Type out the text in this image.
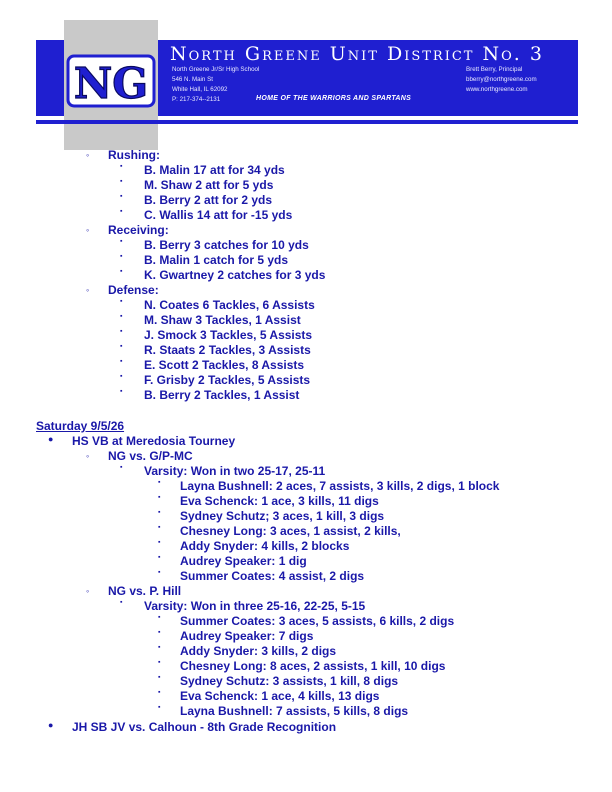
NG
North Greene Unit District No. 3
North Greene Jr/Sr High School
546 N. Main St
White Hall, IL 62092
P: 217-374--2131
Brett Berry, Principal
bberry@northgreene.com
www.northgreene.com
HOME OF THE WARRIORS AND SPARTANS
◦ Rushing:
▪ B. Malin 17 att for 34 yds
▪ M. Shaw 2 att for 5 yds
▪ B. Berry 2 att for 2 yds
▪ C. Wallis 14 att for -15 yds
◦ Receiving:
▪ B. Berry 3 catches for 10 yds
▪ B. Malin 1 catch for 5 yds
▪ K. Gwartney 2 catches for 3 yds
◦ Defense:
▪ N. Coates 6 Tackles, 6 Assists
▪ M. Shaw 3 Tackles, 1 Assist
▪ J. Smock 3 Tackles, 5 Assists
▪ R. Staats 2 Tackles, 3 Assists
▪ E. Scott 2 Tackles, 8 Assists
▪ F. Grisby 2 Tackles, 5 Assists
▪ B. Berry 2 Tackles, 1 Assist
Saturday 9/5/26
● HS VB at Meredosia Tourney
◦ NG vs. G/P-MC
▪ Varsity: Won in two 25-17, 25-11
▪ Layna Bushnell: 2 aces, 7 assists, 3 kills, 2 digs, 1 block
▪ Eva Schenck: 1 ace, 3 kills, 11 digs
▪ Sydney Schutz; 3 aces, 1 kill, 3 digs
▪ Chesney Long: 3 aces, 1 assist, 2 kills,
▪ Addy Snyder: 4 kills, 2 blocks
▪ Audrey Speaker: 1 dig
▪ Summer Coates: 4 assist, 2 digs
◦ NG vs. P. Hill
▪ Varsity: Won in three 25-16, 22-25, 5-15
▪ Summer Coates: 3 aces, 5 assists, 6 kills, 2 digs
▪ Audrey Speaker: 7 digs
▪ Addy Snyder: 3 kills, 2 digs
▪ Chesney Long: 8 aces, 2 assists, 1 kill, 10 digs
▪ Sydney Schutz: 3 assists, 1 kill, 8 digs
▪ Eva Schenck: 1 ace, 4 kills, 13 digs
▪ Layna Bushnell: 7 assists, 5 kills, 8 digs
● JH SB JV vs. Calhoun - 8th Grade Recognition
